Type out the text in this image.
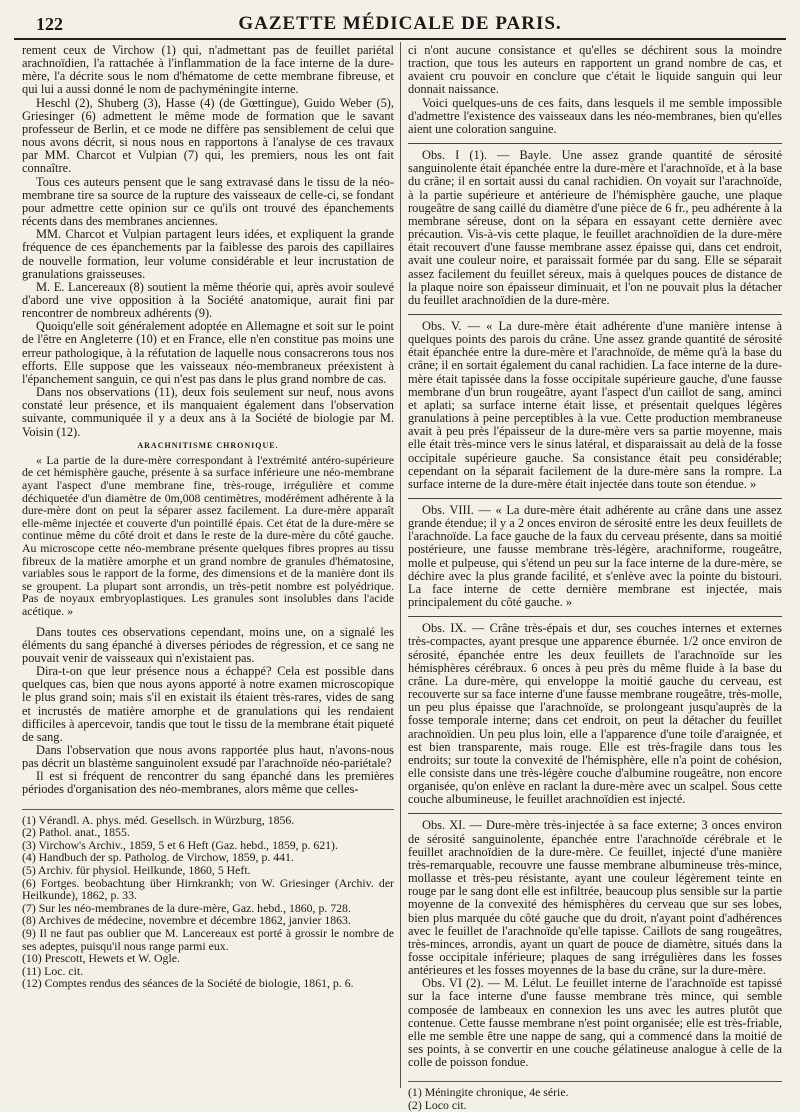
122	GAZETTE MÉDICALE DE PARIS.

rement ceux de Virchow (1) qui, n'admettant pas de feuillet pariétal arachnoïdien, l'a rattachée à l'inflammation de la face interne de la dure-mère, l'a décrite sous le nom d'hématome de cette membrane fibreuse, et qui lui a aussi donné le nom de pachyméningite interne.

Heschl (2), Shuberg (3), Hasse (4) (de Gœttingue), Guido Weber (5), Griesinger (6) admettent le même mode de formation que le savant professeur de Berlin, et ce mode ne diffère pas sensiblement de celui que nous avons décrit, si nous nous en rapportons à l'analyse de ces travaux par MM. Charcot et Vulpian (7) qui, les premiers, nous les ont fait connaître.

Tous ces auteurs pensent que le sang extravasé dans le tissu de la néo-membrane tire sa source de la rupture des vaisseaux de celle-ci, se fondant pour admettre cette opinion sur ce qu'ils ont trouvé des épanchements récents dans des membranes anciennes.

MM. Charcot et Vulpian partagent leurs idées, et expliquent la grande fréquence de ces épanchements par la faiblesse des parois des capillaires de nouvelle formation, leur volume considérable et leur incrustation de granulations graisseuses.

M. E. Lancereaux (8) soutient la même théorie qui, après avoir soulevé d'abord une vive opposition à la Société anatomique, aurait fini par rencontrer de nombreux adhérents (9).

Quoiqu'elle soit généralement adoptée en Allemagne et soit sur le point de l'être en Angleterre (10) et en France, elle n'en constitue pas moins une erreur pathologique, à la réfutation de laquelle nous consacrerons tous nos efforts. Elle suppose que les vaisseaux néo-membraneux préexistent à l'épanchement sanguin, ce qui n'est pas dans le plus grand nombre de cas.

Dans nos observations (11), deux fois seulement sur neuf, nous avons constaté leur présence, et ils manquaient également dans l'observation suivante, communiquée il y a deux ans à la Société de biologie par M. Voisin (12).

ARACHNITISME CHRONIQUE.

« La partie de la dure-mère correspondant à l'extrémité antéro-supérieure de cet hémisphère gauche, présente à sa surface inférieure une néo-membrane ayant l'aspect d'une membrane fine, très-rouge, irrégulière et comme déchiquetée d'un diamètre de 0m,008 centimètres, modérément adhérente à la dure-mère dont on peut la séparer assez facilement. La dure-mère apparaît elle-même injectée et couverte d'un pointillé épais. Cet état de la dure-mère se continue même du côté droit et dans le reste de la dure-mère du côté gauche. Au microscope cette néo-membrane présente quelques fibres propres au tissu fibreux de la matière amorphe et un grand nombre de granules d'hématosine, variables sous le rapport de la forme, des dimensions et de la manière dont ils se groupent. La plupart sont arrondis, un très-petit nombre est polyédrique. Pas de noyaux embryoplastiques. Les granules sont insolubles dans l'acide acétique. »

Dans toutes ces observations cependant, moins une, on a signalé les éléments du sang épanché à diverses périodes de régression, et ce sang ne pouvait venir de vaisseaux qui n'existaient pas.

Dira-t-on que leur présence nous a échappé? Cela est possible dans quelques cas, bien que nous ayons apporté à notre examen microscopique le plus grand soin; mais s'il en existait ils étaient très-rares, vides de sang et incrustés de matière amorphe et de granulations qui les rendaient difficiles à apercevoir, tandis que tout le tissu de la membrane était piqueté de sang.

Dans l'observation que nous avons rapportée plus haut, n'avons-nous pas décrit un blastème sanguinolent exsudé par l'arachnoïde néo-pariétale?

Il est si fréquent de rencontrer du sang épanché dans les premières périodes d'organisation des néo-membranes, alors même que celles-

(1) Vérandl. A. phys. méd. Gesellsch. in Würzburg, 1856.

(2) Pathol. anat., 1855.

(3) Virchow's Archiv., 1859, 5 et 6 Heft (Gaz. hebd., 1859, p. 621).

(4) Handbuch der sp. Patholog. de Virchow, 1859, p. 441.

(5) Archiv. für physiol. Heilkunde, 1860, 5 Heft.

(6) Fortges. beobachtung über Hirnkrankh; von W. Griesinger (Archiv. der Heilkunde), 1862, p. 33.

(7) Sur les néo-membranes de la dure-mère, Gaz. hebd., 1860, p. 728.

(8) Archives de médecine, novembre et décembre 1862, janvier 1863.

(9) Il ne faut pas oublier que M. Lancereaux est porté à grossir le nombre de ses adeptes, puisqu'il nous range parmi eux.

(10) Prescott, Hewets et W. Ogle.

(11) Loc. cit.

(12) Comptes rendus des séances de la Société de biologie, 1861, p. 6.

ci n'ont aucune consistance et qu'elles se déchirent sous la moindre traction, que tous les auteurs en rapportent un grand nombre de cas, et avaient cru pouvoir en conclure que c'était le liquide sanguin qui leur donnait naissance.

Voici quelques-uns de ces faits, dans lesquels il me semble impossible d'admettre l'existence des vaisseaux dans les néo-membranes, bien qu'elles aient une coloration sanguine.

Obs. I (1). — Bayle. Une assez grande quantité de sérosité sanguinolente était épanchée entre la dure-mère et l'arachnoïde, et à la base du crâne; il en sortait aussi du canal rachidien. On voyait sur l'arachnoïde, à la partie supérieure et antérieure de l'hémisphère gauche, une plaque rougeâtre de sang caillé du diamètre d'une pièce de 6 fr., peu adhérente à la membrane séreuse, dont on la sépara en essayant cette dernière avec précaution. Vis-à-vis cette plaque, le feuillet arachnoïdien de la dure-mère était recouvert d'une fausse membrane assez épaisse qui, dans cet endroit, avait une couleur noire, et paraissait formée par du sang. Elle se séparait assez facilement du feuillet séreux, mais à quelques pouces de distance de la plaque noire son épaisseur diminuait, et l'on ne pouvait plus la détacher du feuillet arachnoïdien de la dure-mère.

Obs. V. — « La dure-mère était adhérente d'une manière intense à quelques points des parois du crâne. Une assez grande quantité de sérosité était épanchée entre la dure-mère et l'arachnoïde, de même qu'à la base du crâne; il en sortait également du canal rachidien. La face interne de la dure-mère était tapissée dans la fosse occipitale supérieure gauche, d'une fausse membrane d'un brun rougeâtre, ayant l'aspect d'un caillot de sang, aminci et aplati; sa surface interne était lisse, et présentait quelques légères granulations à peine perceptibles à la vue. Cette production membraneuse avait à peu près l'épaisseur de la dure-mère vers sa partie moyenne, mais elle était très-mince vers le sinus latéral, et disparaissait au delà de la fosse occipitale supérieure gauche. Sa consistance était peu considérable; cependant on la séparait facilement de la dure-mère sans la rompre. La surface interne de la dure-mère était injectée dans toute son étendue. »

Obs. VIII. — « La dure-mère était adhérente au crâne dans une assez grande étendue; il y a 2 onces environ de sérosité entre les deux feuillets de l'arachnoïde. La face gauche de la faux du cerveau présente, dans sa moitié postérieure, une fausse membrane très-légère, arachniforme, rougeâtre, molle et pulpeuse, qui s'étend un peu sur la face interne de la dure-mère, se déchire avec la plus grande facilité, et s'enlève avec la pointe du bistouri. La face interne de cette dernière membrane est injectée, mais principalement du côté gauche. »

Obs. IX. — Crâne très-épais et dur, ses couches internes et externes très-compactes, ayant presque une apparence éburnée. 1/2 once environ de sérosité, épanchée entre les deux feuillets de l'arachnoïde sur les hémisphères cérébraux. 6 onces à peu près du même fluide à la base du crâne. La dure-mère, qui enveloppe la moitié gauche du cerveau, est recouverte sur sa face interne d'une fausse membrane rougeâtre, très-molle, un peu plus épaisse que l'arachnoïde, se prolongeant jusqu'auprès de la fosse temporale interne; dans cet endroit, on peut la détacher du feuillet arachnoïdien. Un peu plus loin, elle a l'apparence d'une toile d'araignée, et est bien transparente, mais rouge. Elle est très-fragile dans tous les endroits; sur toute la convexité de l'hémisphère, elle n'a point de cohésion, elle consiste dans une très-légère couche d'albumine rougeâtre, non encore organisée, qu'on enlève en raclant la dure-mère avec un scalpel. Sous cette couche albumineuse, le feuillet arachnoïdien est injecté.

Obs. XI. — Dure-mère très-injectée à sa face externe; 3 onces environ de sérosité sanguinolente, épanchée entre l'arachnoïde cérébrale et le feuillet arachnoïdien de la dure-mère. Ce feuillet, injecté d'une manière très-remarquable, recouvre une fausse membrane albumineuse très-mince, mollasse et très-peu résistante, ayant une couleur légèrement teinte en rouge par le sang dont elle est infiltrée, beaucoup plus sensible sur la partie moyenne de la convexité des hémisphères du cerveau que sur ses lobes, bien plus marquée du côté gauche que du droit, n'ayant point d'adhérences avec le feuillet de l'arachnoïde qu'elle tapisse. Caillots de sang rougeâtres, très-minces, arrondis, ayant un quart de pouce de diamètre, situés dans la fosse occipitale inférieure; plaques de sang irrégulières dans les fosses antérieures et les fosses moyennes de la base du crâne, sur la dure-mère.

Obs. VI (2). — M. Lélut. Le feuillet interne de l'arachnoïde est tapissé sur la face interne d'une fausse membrane très mince, qui semble composée de lambeaux en connexion les uns avec les autres plutôt que contenue. Cette fausse membrane n'est point organisée; elle est très-friable, elle me semble être une nappe de sang, qui a commencé dans la moitié de ses points, à se convertir en une couche gélatineuse analogue à celle de la colle de poisson fondue.

(1) Méningite chronique, 4e série.

(2) Loco cit.
